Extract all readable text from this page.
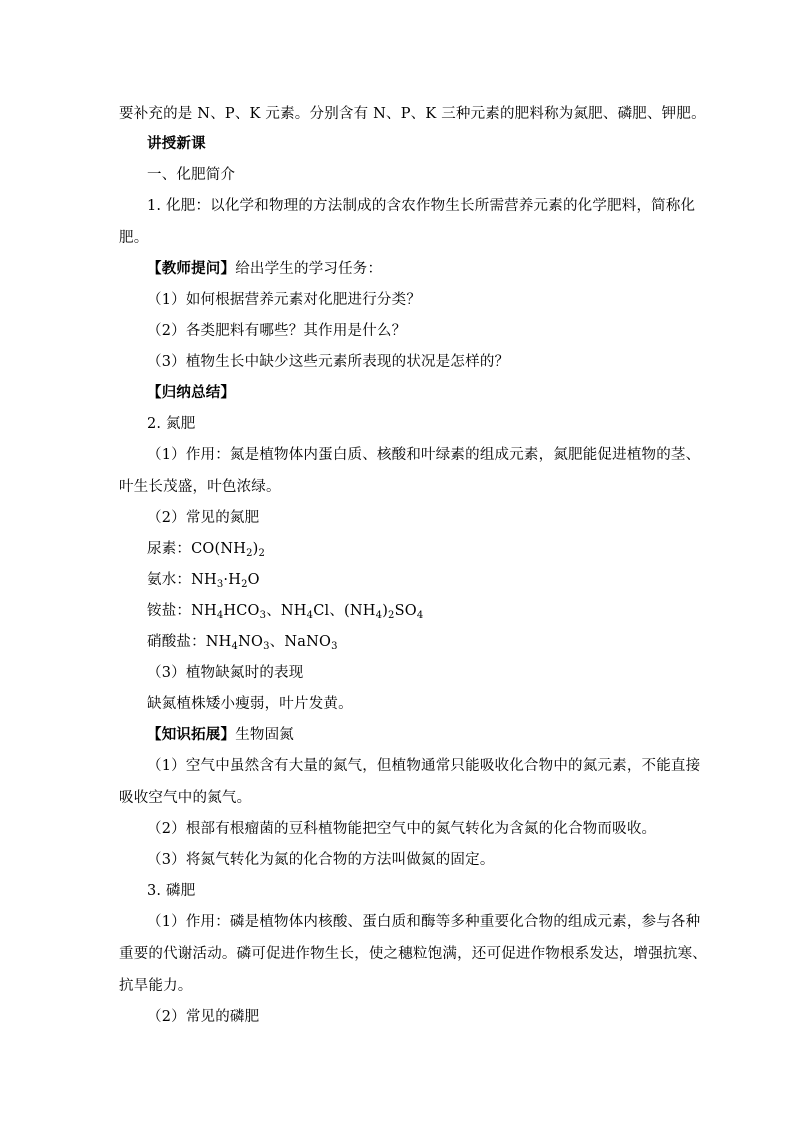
要补充的是 N、P、K 元素。分别含有 N、P、K 三种元素的肥料称为氮肥、磷肥、钾肥。
讲授新课
一、化肥简介
1. 化肥：以化学和物理的方法制成的含农作物生长所需营养元素的化学肥料，简称化
肥。
【教师提问】给出学生的学习任务：
（1）如何根据营养元素对化肥进行分类？
（2）各类肥料有哪些？其作用是什么？
（3）植物生长中缺少这些元素所表现的状况是怎样的？
【归纳总结】
2. 氮肥
（1）作用：氮是植物体内蛋白质、核酸和叶绿素的组成元素，氮肥能促进植物的茎、
叶生长茂盛，叶色浓绿。
（2）常见的氮肥
尿素：$CO(NH_2)_2$
氨水：$NH_3\cdot H_2O$
铵盐：$NH_4HCO_3$、$NH_4Cl$、$(NH_4)_2SO_4$
硝酸盐：$NH_4NO_3$、NaNO$_3$
（3）植物缺氮时的表现
缺氮植株矮小瘦弱，叶片发黄。
【知识拓展】生物固氮
（1）空气中虽然含有大量的氮气，但植物通常只能吸收化合物中的氮元素，不能直接
吸收空气中的氮气。
（2）根部有根瘤菌的豆科植物能把空气中的氮气转化为含氮的化合物而吸收。
（3）将氮气转化为氮的化合物的方法叫做氮的固定。
3. 磷肥
（1）作用：磷是植物体内核酸、蛋白质和酶等多种重要化合物的组成元素，参与各种
重要的代谢活动。磷可促进作物生长，使之穗粒饱满，还可促进作物根系发达，增强抗寒、
抗旱能力。
（2）常见的磷肥
